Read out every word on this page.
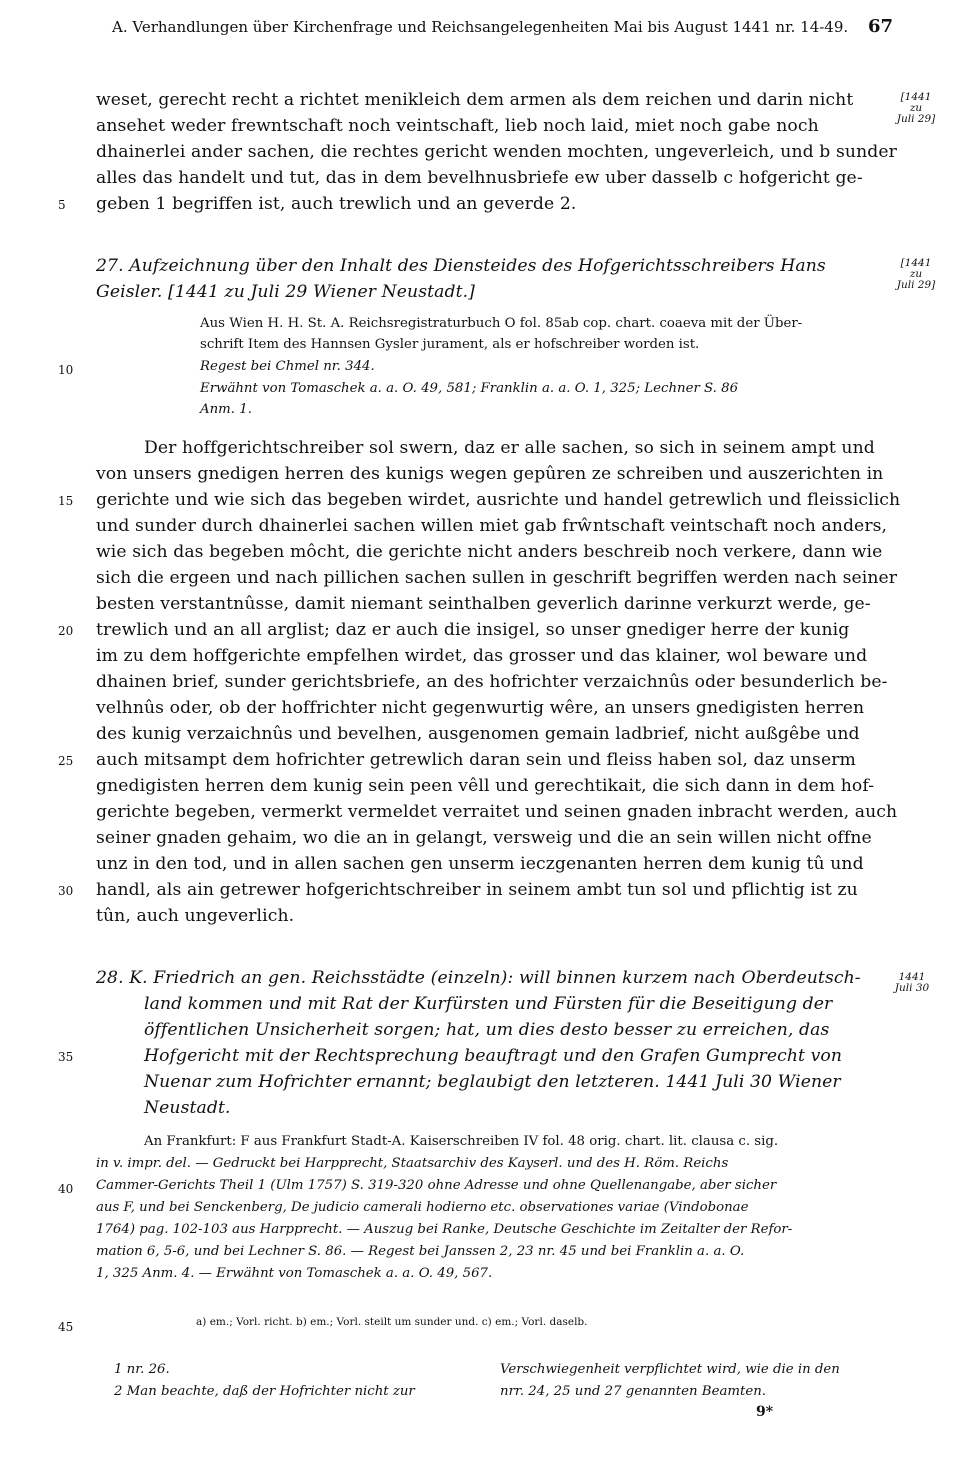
A. Verhandlungen über Kirchenfrage und Reichsangelegenheiten Mai bis August 1441 nr. 14-49. 67
weset, gerecht recht a richtet menikleich dem armen als dem reichen und darin nicht
ansehet weder frewntschaft noch veintschaft, lieb noch laid, miet noch gabe noch
dhainerlei ander sachen, die rechtes gericht wenden mochten, ungeverleich, und b sunder
alles das handelt und tut, das in dem bevelhnusbriefe ew uber dasselb c hofgericht ge-
geben 1 begriffen ist, auch trewlich und an geverde 2.
[1441
zu
Juli 29]
27. Aufzeichnung über den Inhalt des Diensteides des Hofgerichtsschreibers Hans
Geisler. [1441 zu Juli 29 Wiener Neustadt.]
[1441
zu
Juli 29]
Aus Wien H. H. St. A. Reichsregistraturbuch O fol. 85ab cop. chart. coaeva mit der Über-
schrift Item des Hannsen Gysler jurament, als er hofschreiber worden ist.
Regest bei Chmel nr. 344.
Erwähnt von Tomaschek a. a. O. 49, 581; Franklin a. a. O. 1, 325; Lechner S. 86
Anm. 1.
Der hoffgerichtschreiber sol swern, daz er alle sachen, so sich in seinem ampt und
von unsers gnedigen herren des kunigs wegen gepûren ze schreiben und auszerichten in
gerichte und wie sich das begeben wirdet, ausrichte und handel getrewlich und fleissiclich
und sunder durch dhainerlei sachen willen miet gab frŵntschaft veintschaft noch anders,
wie sich das begeben môcht, die gerichte nicht anders beschreib noch verkere, dann wie
sich die ergeen und nach pillichen sachen sullen in geschrift begriffen werden nach seiner
besten verstantnûsse, damit niemant seinthalben geverlich darinne verkurzt werde, ge-
trewlich und an all arglist; daz er auch die insigel, so unser gnediger herre der kunig
im zu dem hoffgerichte empfelhen wirdet, das grosser und das klainer, wol beware und
dhainen brief, sunder gerichtsbriefe, an des hofrichter verzaichnûs oder besunderlich be-
velhnûs oder, ob der hoffrichter nicht gegenwurtig wêre, an unsers gnedigisten herren
des kunig verzaichnûs und bevelhen, ausgenomen gemain ladbrief, nicht außgêbe und
auch mitsampt dem hofrichter getrewlich daran sein und fleiss haben sol, daz unserm
gnedigisten herren dem kunig sein peen vêll und gerechtikait, die sich dann in dem hof-
gerichte begeben, vermerkt vermeldet verraitet und seinen gnaden inbracht werden, auch
seiner gnaden gehaim, wo die an in gelangt, versweig und die an sein willen nicht offne
unz in den tod, und in allen sachen gen unserm ieczgenanten herren dem kunig tû und
handl, als ain getrewer hofgerichtschreiber in seinem ambt tun sol und pflichtig ist zu
tûn, auch ungeverlich.
28. K. Friedrich an gen. Reichsstädte (einzeln): will binnen kurzem nach Oberdeutsch-
land kommen und mit Rat der Kurfürsten und Fürsten für die Beseitigung der
öffentlichen Unsicherheit sorgen; hat, um dies desto besser zu erreichen, das
Hofgericht mit der Rechtsprechung beauftragt und den Grafen Gumprecht von
Nuenar zum Hofrichter ernannt; beglaubigt den letzteren. 1441 Juli 30 Wiener
Neustadt.
1441
Juli 30
An Frankfurt: F aus Frankfurt Stadt-A. Kaiserschreiben IV fol. 48 orig. chart. lit. clausa c. sig.
in v. impr. del. — Gedruckt bei Harpprecht, Staatsarchiv des Kayserl. und des H. Röm. Reichs
Cammer-Gerichts Theil 1 (Ulm 1757) S. 319-320 ohne Adresse und ohne Quellenangabe, aber sicher
aus F, und bei Senckenberg, De judicio camerali hodierno etc. observationes variae (Vindobonae
1764) pag. 102-103 aus Harpprecht. — Auszug bei Ranke, Deutsche Geschichte im Zeitalter der Refor-
mation 6, 5-6, und bei Lechner S. 86. — Regest bei Janssen 2, 23 nr. 45 und bei Franklin a. a. O.
1, 325 Anm. 4. — Erwähnt von Tomaschek a. a. O. 49, 567.
a) em.; Vorl. richt. b) em.; Vorl. steilt um sunder und. c) em.; Vorl. daselb.
1 nr. 26.
2 Man beachte, daß der Hofrichter nicht zur
Verschwiegenheit verpflichtet wird, wie die in den
nrr. 24, 25 und 27 genannten Beamten.
9*
5
10
15
20
25
30
35
40
45
